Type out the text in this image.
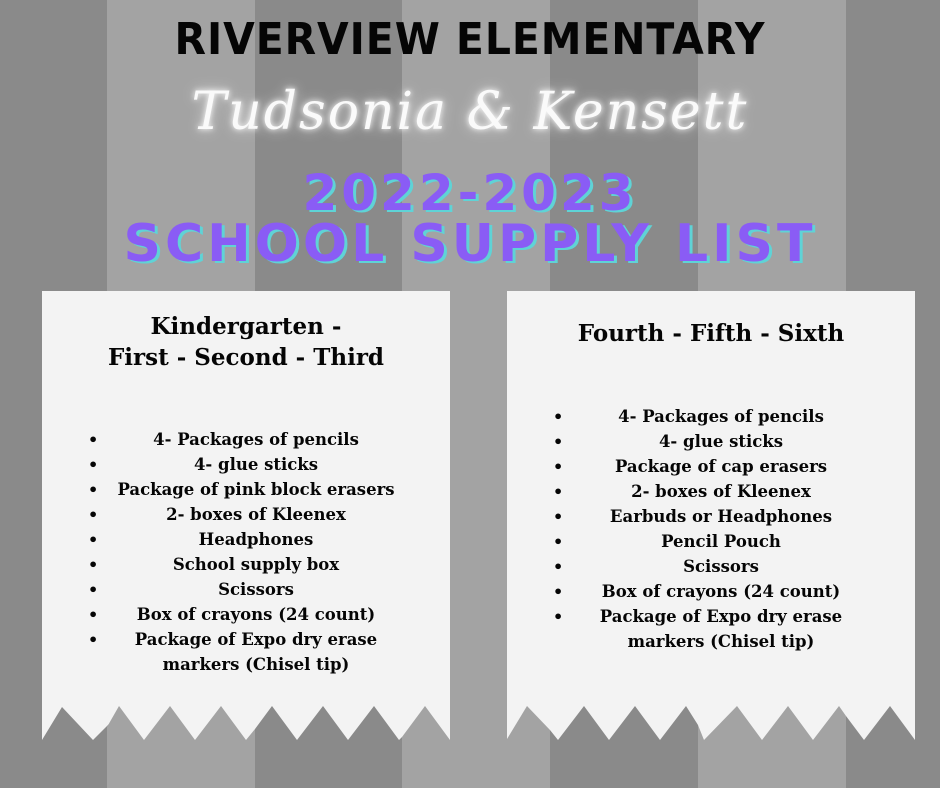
RIVERVIEW ELEMENTARY
Tudsonia & Kensett
2022-2023
SCHOOL SUPPLY LIST
Kindergarten -
First - Second - Third
•	4- Packages of pencils
•	4- glue sticks
• Package of pink block erasers
•	2- boxes of Kleenex
•	Headphones
•	School supply box
•	Scissors
• Box of crayons (24 count)
• Package of Expo dry erase markers (Chisel tip)
Fourth - Fifth - Sixth
•	4- Packages of pencils
•	4- glue sticks
•	Package of cap erasers
•	2- boxes of Kleenex
•	Earbuds or Headphones
•	Pencil Pouch
•	Scissors
• Box of crayons (24 count)
• Package of Expo dry erase markers (Chisel tip)
